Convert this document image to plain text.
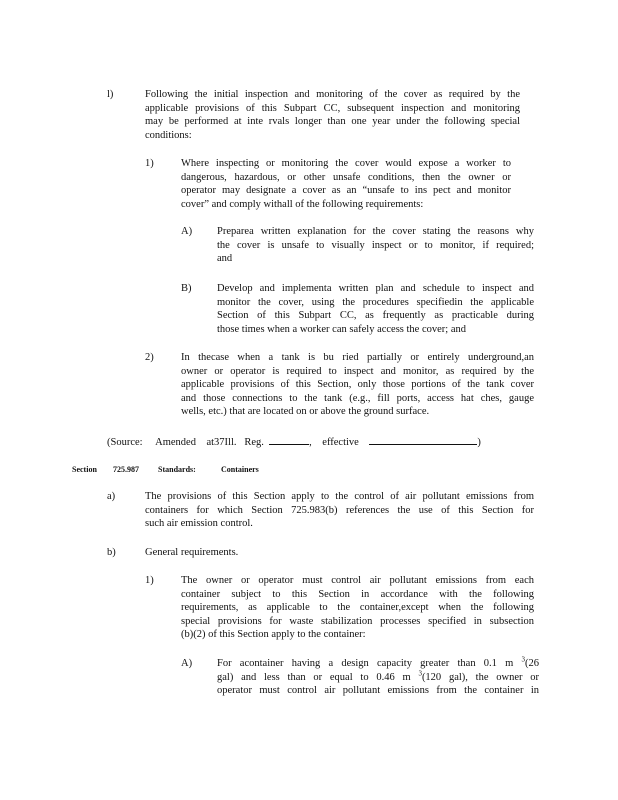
l)	Following the initial inspection and monitoring of the cover as required by the
applicable provisions of this Subpart CC, subsequent inspection and monitoring
may be performed at inte rvals longer than one year under the following special
conditions:
1)	Where inspecting or monitoring the cover would expose a worker to
dangerous, hazardous, or other unsafe conditions, then the owner or
operator may designate a cover as an “unsafe to ins pect and monitor
cover” and comply withall of the following requirements:
A) Preparea written explanation for the cover stating the reasons why
the cover is unsafe to visually inspect or to monitor, if required;
and
B) Develop and implementa written plan and schedule to inspect and
monitor the cover, using the procedures specifiedin the applicable
Section of this Subpart CC, as frequently as practicable during
those times when a worker can safely access the cover; and
2)	In thecase when a tank is bu ried partially or entirely underground,an
owner or operator is required to inspect and monitor, as required by the
applicable provisions of this Section, only those portions of the tank cover
and those connections to the tank (e.g., fill ports, access hat ches, gauge
wells, etc.) that are located on or above the ground surface.
(Source: Amended at37Ill. Reg.	,    effective	)
Section 725.987 Standards:	Containers
a)	The provisions of this Section apply to the control of air pollutant emissions from
containers for which Section 725.983(b) references the use of this Section for
such air emission control.
b)	General requirements.
1)	The owner or operator must control air pollutant emissions from each
container subject to this Section in accordance with the following
requirements, as applicable to the container,except when the following
special provisions for waste stabilization processes specified in subsection
(b)(2) of this Section apply to the container:
A) For acontainer having a design capacity greater than 0.1 m $^3$(26
gal) and less than or equal to 0.46 m $^3$(120 gal), the owner or
operator must control air pollutant emissions from the container in
